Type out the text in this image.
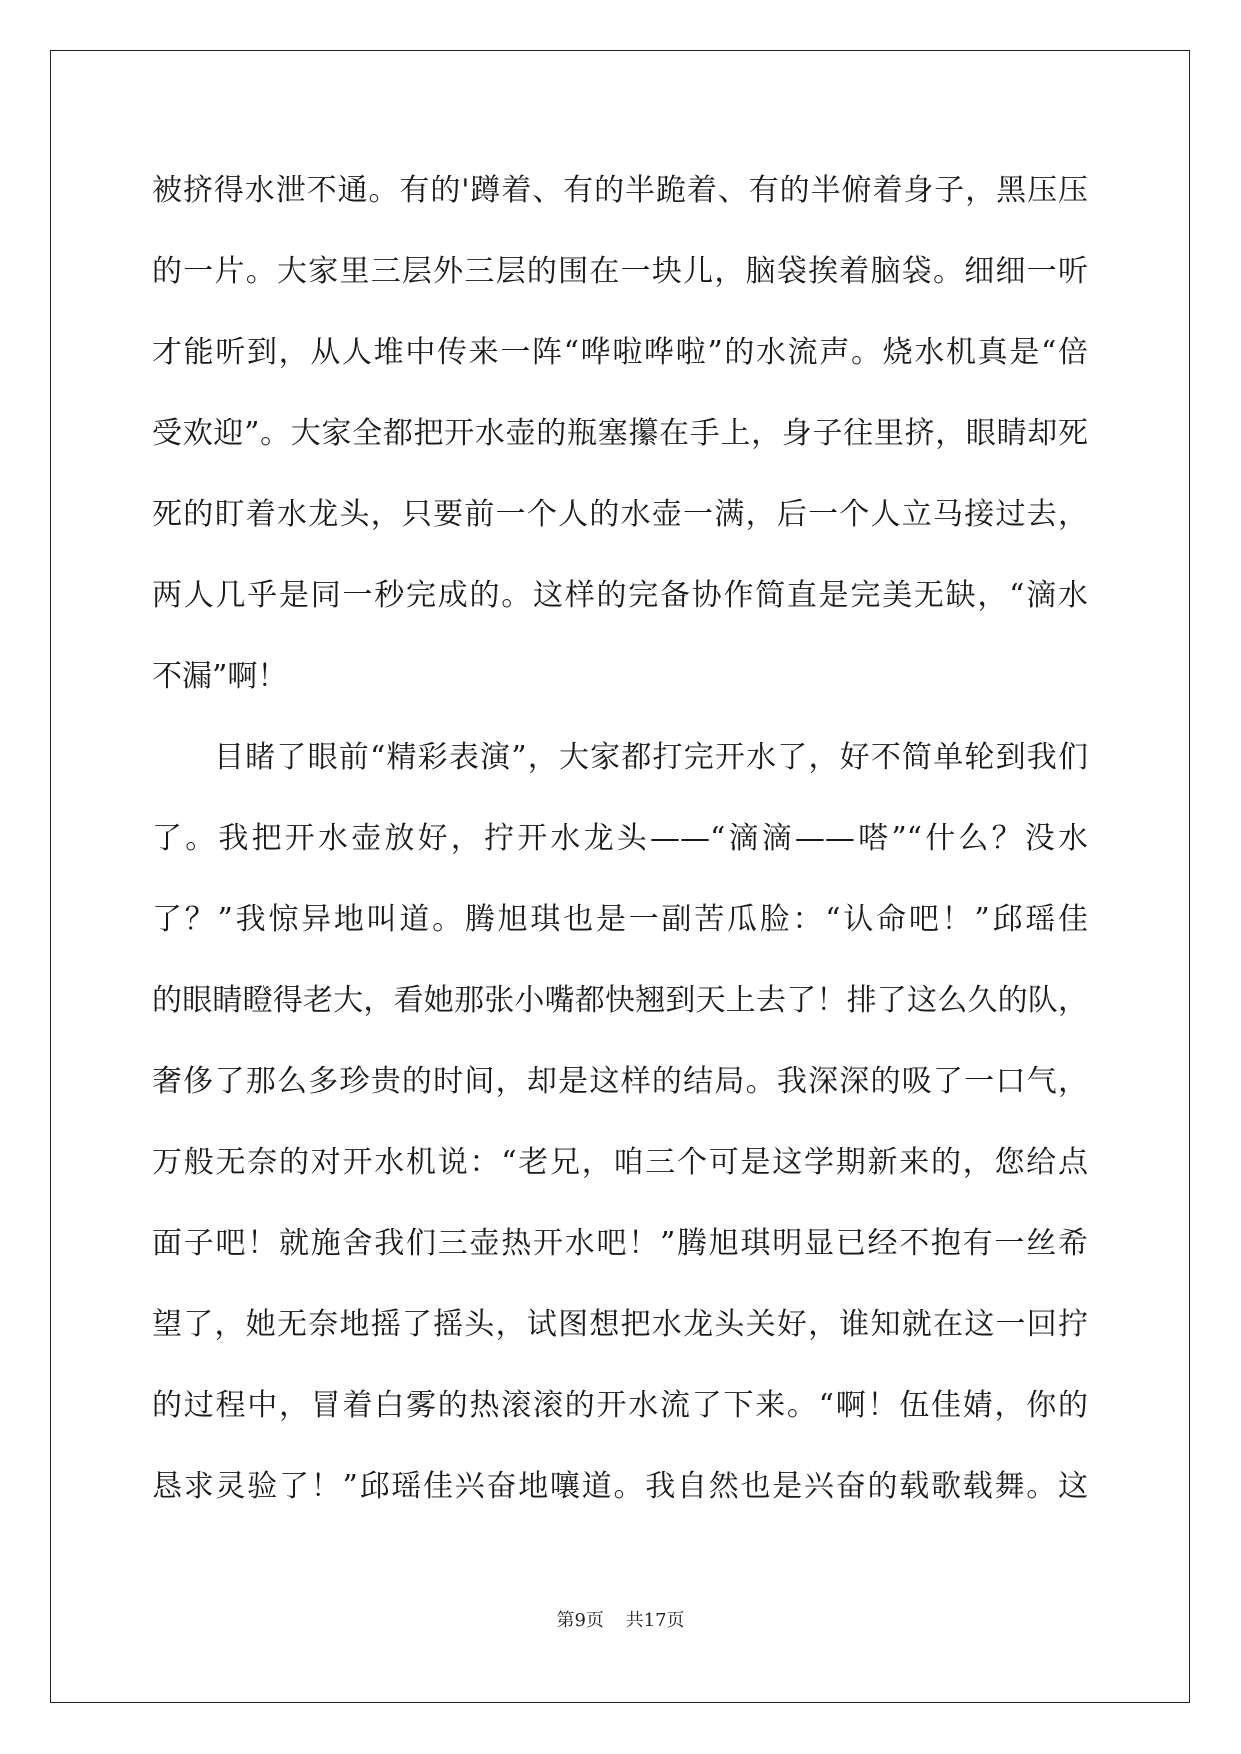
被挤得水泄不通。有的'蹲着、有的半跪着、有的半俯着身子，黑压压
的一片。大家里三层外三层的围在一块儿，脑袋挨着脑袋。细细一听
才能听到，从人堆中传来一阵“哗啦哗啦”的水流声。烧水机真是“倍
受欢迎”。大家全都把开水壶的瓶塞攥在手上，身子往里挤，眼睛却死
死的盯着水龙头，只要前一个人的水壶一满，后一个人立马接过去，
两人几乎是同一秒完成的。这样的完备协作简直是完美无缺，“滴水
不漏”啊！
目睹了眼前“精彩表演”，大家都打完开水了，好不简单轮到我们
了。我把开水壶放好，拧开水龙头——“滴滴——嗒”“什么？没水
了？”我惊异地叫道。腾旭琪也是一副苦瓜脸：“认命吧！”邱瑶佳
的眼睛瞪得老大，看她那张小嘴都快翘到天上去了！排了这么久的队，
奢侈了那么多珍贵的时间，却是这样的结局。我深深的吸了一口气，
万般无奈的对开水机说：“老兄，咱三个可是这学期新来的，您给点
面子吧！就施舍我们三壶热开水吧！”腾旭琪明显已经不抱有一丝希
望了，她无奈地摇了摇头，试图想把水龙头关好，谁知就在这一回拧
的过程中，冒着白雾的热滚滚的开水流了下来。“啊！伍佳婧，你的
恳求灵验了！”邱瑶佳兴奋地嚷道。我自然也是兴奋的载歌载舞。这
第9页 共17页
